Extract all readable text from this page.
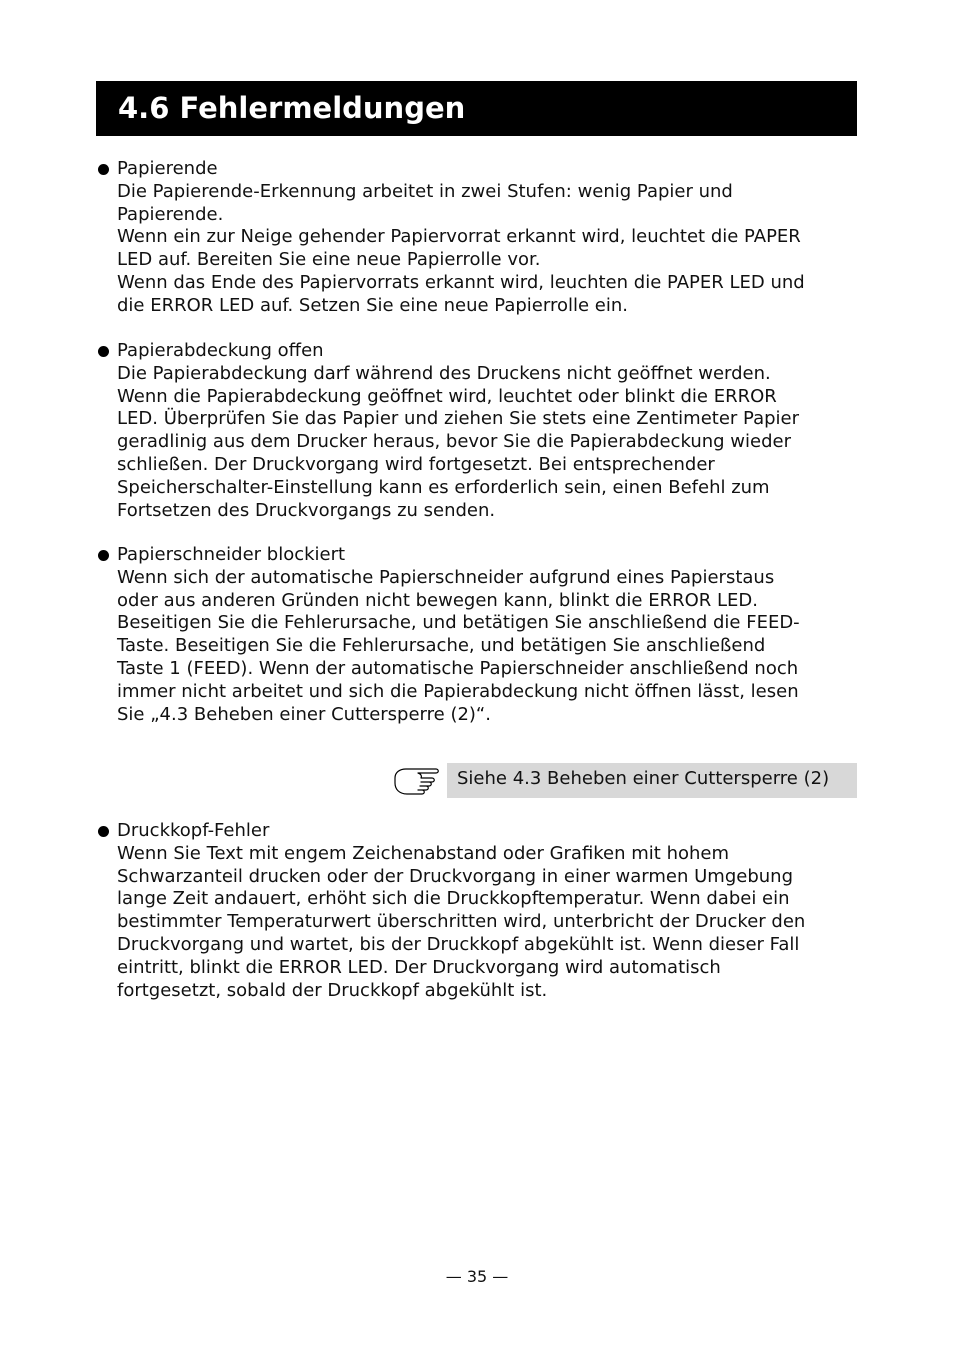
4.6 Fehlermeldungen
Papierende

Die Papierende-Erkennung arbeitet in zwei Stufen: wenig Papier und
Papierende.
Wenn ein zur Neige gehender Papiervorrat erkannt wird, leuchtet die PAPER
LED auf. Bereiten Sie eine neue Papierrolle vor.
Wenn das Ende des Papiervorrats erkannt wird, leuchten die PAPER LED und
die ERROR LED auf. Setzen Sie eine neue Papierrolle ein.

Papierabdeckung offen

Die Papierabdeckung darf während des Druckens nicht geöffnet werden.
Wenn die Papierabdeckung geöffnet wird, leuchtet oder blinkt die ERROR
LED. Überprüfen Sie das Papier und ziehen Sie stets eine Zentimeter Papier
geradlinig aus dem Drucker heraus, bevor Sie die Papierabdeckung wieder
schließen. Der Druckvorgang wird fortgesetzt. Bei entsprechender
Speicherschalter-Einstellung kann es erforderlich sein, einen Befehl zum
Fortsetzen des Druckvorgangs zu senden.

Papierschneider blockiert

Wenn sich der automatische Papierschneider aufgrund eines Papierstaus
oder aus anderen Gründen nicht bewegen kann, blinkt die ERROR LED.
Beseitigen Sie die Fehlerursache, und betätigen Sie anschließend die FEED-
Taste. Beseitigen Sie die Fehlerursache, und betätigen Sie anschließend
Taste 1 (FEED). Wenn der automatische Papierschneider anschließend noch
immer nicht arbeitet und sich die Papierabdeckung nicht öffnen lässt, lesen
Sie „4.3 Beheben einer Cuttersperre (2)“.

Siehe 4.3 Beheben einer Cuttersperre (2)
Druckkopf-Fehler

Wenn Sie Text mit engem Zeichenabstand oder Grafiken mit hohem
Schwarzanteil drucken oder der Druckvorgang in einer warmen Umgebung
lange Zeit andauert, erhöht sich die Druckkopftemperatur. Wenn dabei ein
bestimmter Temperaturwert überschritten wird, unterbricht der Drucker den
Druckvorgang und wartet, bis der Druckkopf abgekühlt ist. Wenn dieser Fall
eintritt, blinkt die ERROR LED. Der Druckvorgang wird automatisch
fortgesetzt, sobald der Druckkopf abgekühlt ist.

— 35 —
